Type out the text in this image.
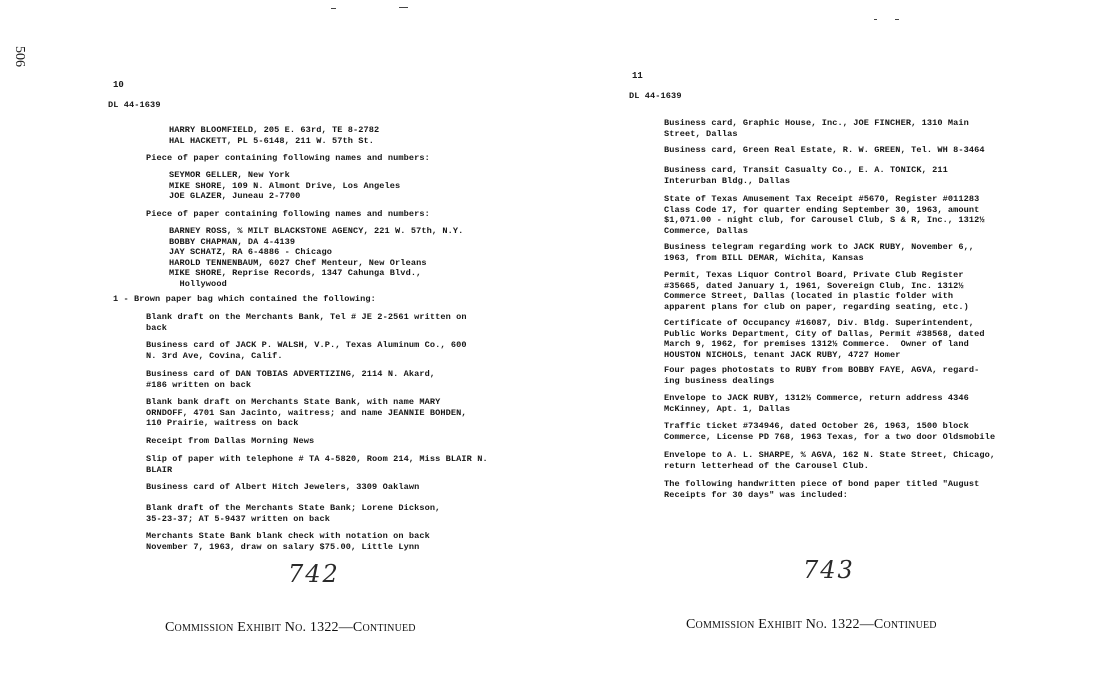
506
10
DL 44-1639
HARRY BLOOMFIELD, 205 E. 63rd, TE 8-2782
HAL HACKETT, PL 5-6148, 211 W. 57th St.
Piece of paper containing following names and numbers:
SEYMOR GELLER, New York
MIKE SHORE, 109 N. Almont Drive, Los Angeles
JOE GLAZER, Juneau 2-7700
Piece of paper containing following names and numbers:
BARNEY ROSS, % MILT BLACKSTONE AGENCY, 221 W. 57th, N.Y.
BOBBY CHAPMAN, DA 4-4139
JAY SCHATZ, RA 6-4886 - Chicago
HAROLD TENNENBAUM, 6027 Chef Menteur, New Orleans
MIKE SHORE, Reprise Records, 1347 Cahunga Blvd.,
Hollywood
1 - Brown paper bag which contained the following:
Blank draft on the Merchants Bank, Tel # JE 2-2561 written on
back
Business card of JACK P. WALSH, V.P., Texas Aluminum Co., 600
N. 3rd Ave, Covina, Calif.
Business card of DAN TOBIAS ADVERTIZING, 2114 N. Akard,
#186 written on back
Blank bank draft on Merchants State Bank, with name MARY
ORNDOFF, 4701 San Jacinto, waitress; and name JEANNIE BOHDEN,
110 Prairie, waitress on back
Receipt from Dallas Morning News
Slip of paper with telephone # TA 4-5820, Room 214, Miss BLAIR N.
BLAIR
Business card of Albert Hitch Jewelers, 3309 Oaklawn
Blank draft of the Merchants State Bank; Lorene Dickson,
35-23-37; AT 5-9437 written on back
Merchants State Bank blank check with notation on back
November 7, 1963, draw on salary $75.00, Little Lynn
742
Commission Exhibit No. 1322—Continued
11
DL 44-1639
Business card, Graphic House, Inc., JOE FINCHER, 1310 Main
Street, Dallas
Business card, Green Real Estate, R. W. GREEN, Tel. WH 8-3464
Business card, Transit Casualty Co., E. A. TONICK, 211
Interurban Bldg., Dallas
State of Texas Amusement Tax Receipt #5670, Register #011283
Class Code 17, for quarter ending September 30, 1963, amount
$1,071.00 - night club, for Carousel Club, S & R, Inc., 1312½
Commerce, Dallas
Business telegram regarding work to JACK RUBY, November 6,,
1963, from BILL DEMAR, Wichita, Kansas
Permit, Texas Liquor Control Board, Private Club Register
#35665, dated January 1, 1961, Sovereign Club, Inc. 1312½
Commerce Street, Dallas (located in plastic folder with
apparent plans for club on paper, regarding seating, etc.)
Certificate of Occupancy #16087, Div. Bldg. Superintendent,
Public Works Department, City of Dallas, Permit #38568, dated
March 9, 1962, for premises 1312½ Commerce.  Owner of land
HOUSTON NICHOLS, tenant JACK RUBY, 4727 Homer
Four pages photostats to RUBY from BOBBY FAYE, AGVA, regard-
ing business dealings
Envelope to JACK RUBY, 1312½ Commerce, return address 4346
McKinney, Apt. 1, Dallas
Traffic ticket #734946, dated October 26, 1963, 1500 block
Commerce, License PD 768, 1963 Texas, for a two door Oldsmobile
Envelope to A. L. SHARPE, % AGVA, 162 N. State Street, Chicago,
return letterhead of the Carousel Club.
The following handwritten piece of bond paper titled "August
Receipts for 30 days" was included:
743
Commission Exhibit No. 1322—Continued
